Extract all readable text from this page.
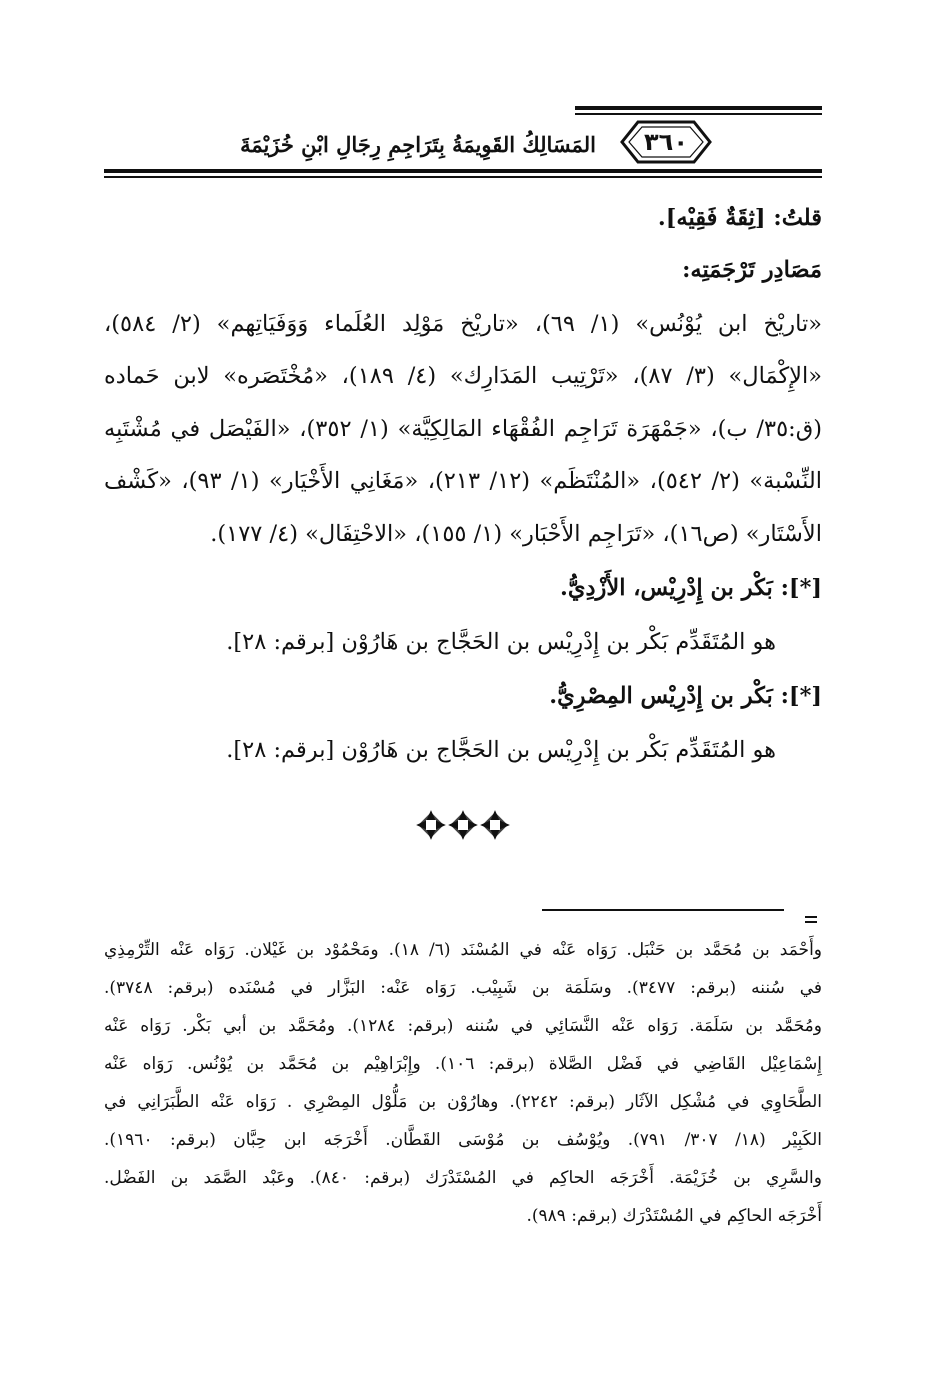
٣٦٠
المَسَالِكُ القَوِيمَةُ بِتَرَاجِمِ رِجَالِ ابْنِ خُزَيْمَةَ
قلتُ: [ثِقَةٌ فَقِيْه].
مَصَادِر تَرْجَمَتِه:
«تاريْخ ابن يُوْنُس» (١/ ٦٩)، «تاريْخ مَوْلِد العُلَماء وَوَفَيَاتِهم» (٢/ ٥٨٤)،
«الإِكْمَال» (٣/ ٨٧)، «تَرْتِيب المَدَارِك» (٤/ ١٨٩)، «مُخْتَصَره» لابن حَماده
(ق:٣٥/ ب)، «جَمْهَرَة تَرَاجِم الفُقْهَاء المَالِكِيَّة» (١/ ٣٥٢)، «الفَيْصَل في مُشْتَبِه
النِّسْبة» (٢/ ٥٤٢)، «المُنْتَظَم» (١٢/ ٢١٣)، «مَغَانِي الأَخْيَار» (١/ ٩٣)، «كَشْف
الأَسْتَار» (ص١٦)، «تَرَاجِم الأَحْبَار» (١/ ١٥٥)، «الاحْتِفَال» (٤/ ١٧٧).
[*]: بَكْر بن إِدْرِيْس، الأَزْدِيُّ.
هو المُتَقَدِّم بَكْر بن إِدْرِيْس بن الحَجَّاج بن هَارُوْن [برقم: ٢٨].
[*]: بَكْر بن إِدْرِيْس المِصْرِيُّ.
هو المُتَقَدِّم بَكْر بن إِدْرِيْس بن الحَجَّاج بن هَارُوْن [برقم: ٢٨].
وأَحْمَد بن مُحَمَّد بن حَنْبَل. رَوَاه عَنْه في المُسْنَد (٦/ ١٨). ومَحْمُوْد بن غَيْلان. رَوَاه عَنْه التِّرْمِذِي
في سُننه (برقم: ٣٤٧٧). وسَلَمَة بن شَبِيْب. رَوَاه عَنْه: البَزَّار في مُسْنَده (برقم: ٣٧٤٨).
ومُحَمَّد بن سَلَمَة. رَوَاه عَنْه النَّسَائِي في سُننه (برقم: ١٢٨٤). ومُحَمَّد بن أبي بَكْر. رَوَاه عَنْه
إِسْمَاعِيْل القَاضِي في فَضْل الصَّلاة (برقم: ١٠٦). وإِبْرَاهِيْم بن مُحَمَّد بن يُوْنُس. رَوَاه عَنْه
الطَّحَاوِي في مُشْكِل الآثَار (برقم: ٢٢٤٢). وهارُوْن بن مَلُّوْل المِصْرِي . رَوَاه عَنْه الطَّبَرَانِي في
الكَبِيْر (١٨/ ٣٠٧/ ٧٩١). ويُوْسُف بن مُوْسَى القَطَّان. أَخْرَجَه ابن حِبَّان (برقم: ١٩٦٠).
والسَّرِي بن خُزَيْمَة. أَخْرَجَه الحاكِم في المُسْتَدْرَك (برقم: ٨٤٠). وعَبْد الصَّمَد بن الفَضْل.
أَخْرَجَه الحاكِم في المُسْتَدْرَك (برقم: ٩٨٩).
